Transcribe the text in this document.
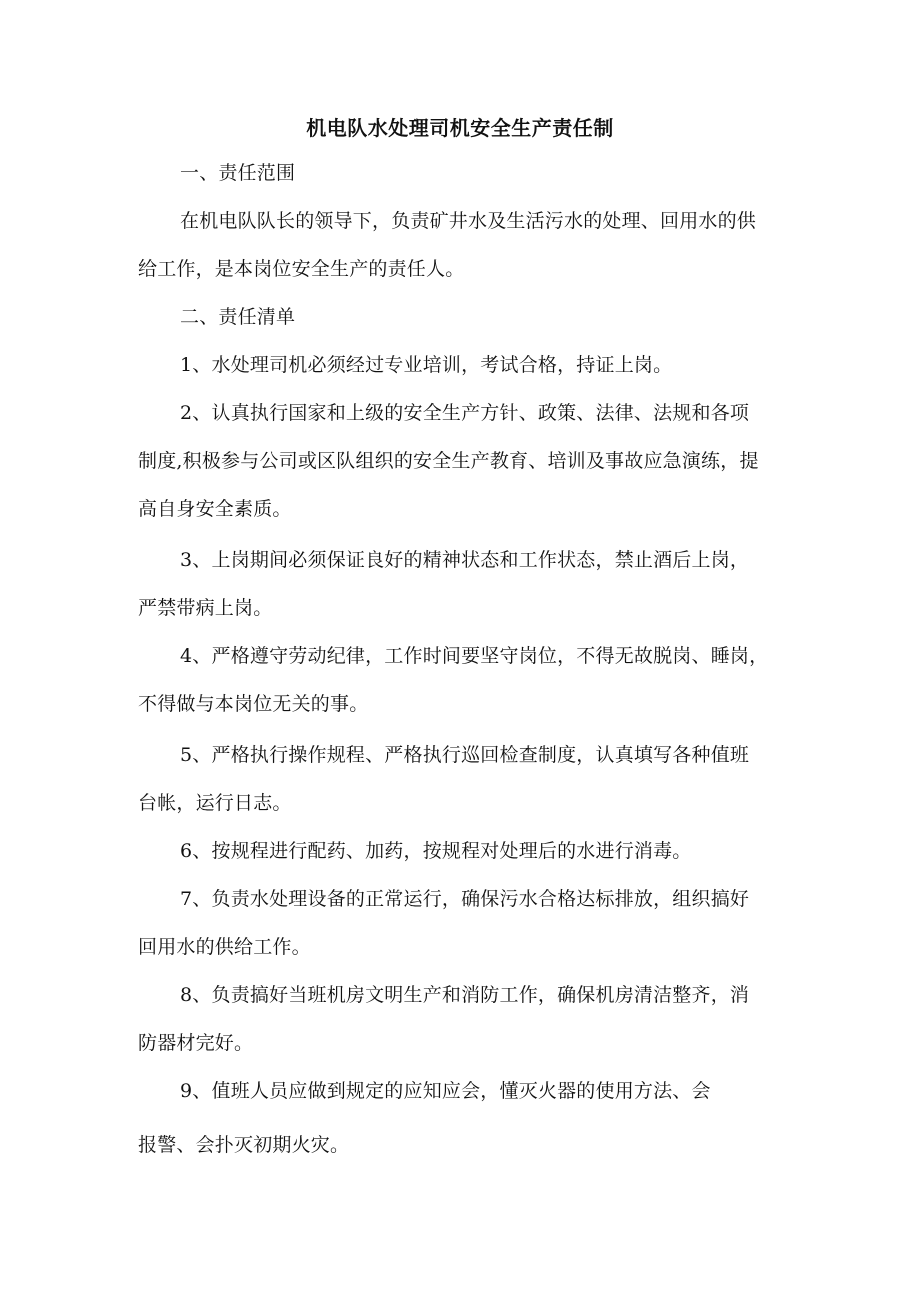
机电队水处理司机安全生产责任制
一、责任范围
在机电队队长的领导下，负责矿井水及生活污水的处理、回用水的供
给工作，是本岗位安全生产的责任人。
二、责任清单
1、水处理司机必须经过专业培训，考试合格，持证上岗。
2、认真执行国家和上级的安全生产方针、政策、法律、法规和各项
制度,积极参与公司或区队组织的安全生产教育、培训及事故应急演练，提
高自身安全素质。
3、上岗期间必须保证良好的精神状态和工作状态，禁止酒后上岗，
严禁带病上岗。
4、严格遵守劳动纪律，工作时间要坚守岗位，不得无故脱岗、睡岗，
不得做与本岗位无关的事。
5、严格执行操作规程、严格执行巡回检查制度，认真填写各种值班
台帐，运行日志。
6、按规程进行配药、加药，按规程对处理后的水进行消毒。
7、负责水处理设备的正常运行，确保污水合格达标排放，组织搞好
回用水的供给工作。
8、负责搞好当班机房文明生产和消防工作，确保机房清洁整齐，消
防器材完好。
9、值班人员应做到规定的应知应会，懂灭火器的使用方法、会
报警、会扑灭初期火灾。
